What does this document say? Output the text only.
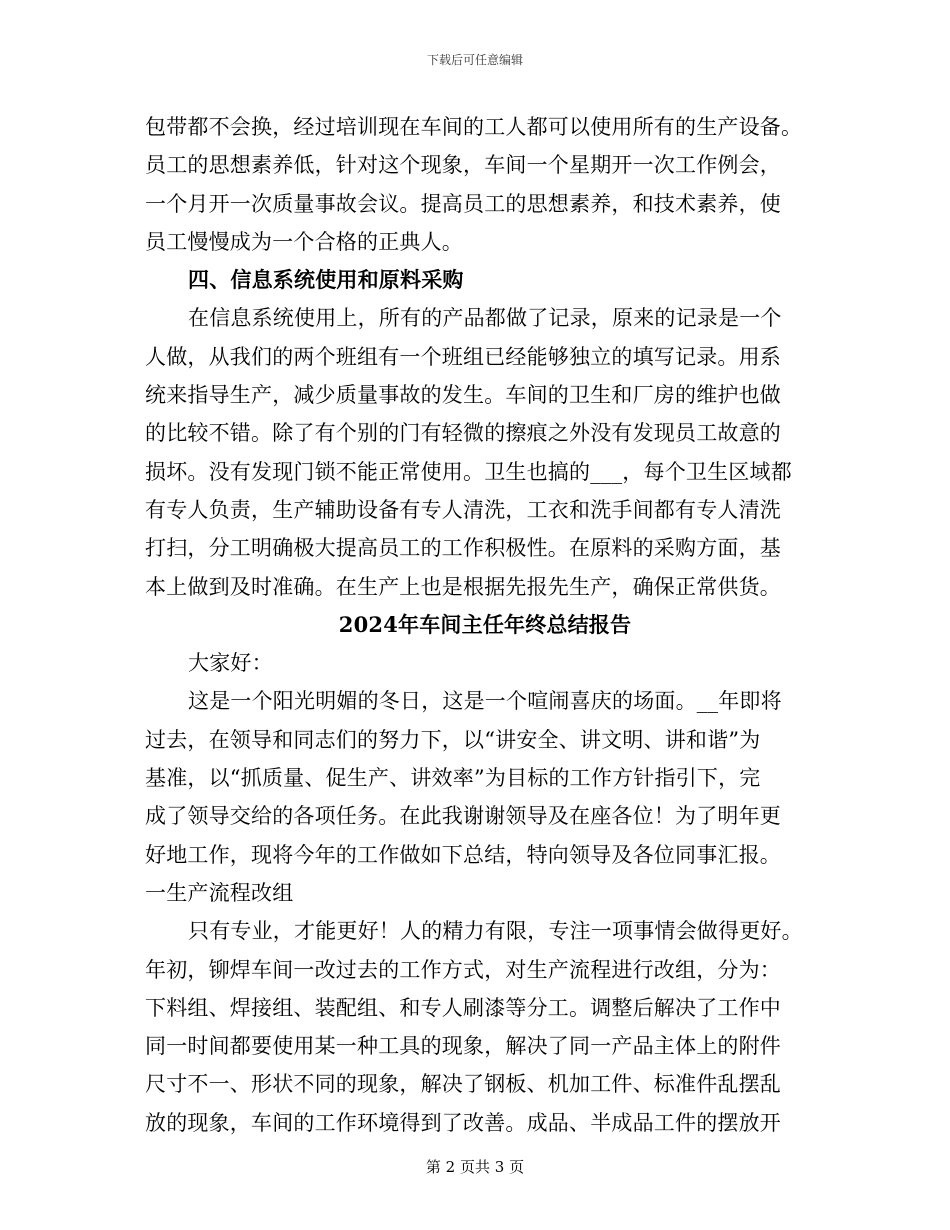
下载后可任意编辑
包带都不会换，经过培训现在车间的工人都可以使用所有的生产设备。
员工的思想素养低，针对这个现象，车间一个星期开一次工作例会，
一个月开一次质量事故会议。提高员工的思想素养，和技术素养，使
员工慢慢成为一个合格的正典人。
四、信息系统使用和原料采购
在信息系统使用上，所有的产品都做了记录，原来的记录是一个
人做，从我们的两个班组有一个班组已经能够独立的填写记录。用系
统来指导生产，减少质量事故的发生。车间的卫生和厂房的维护也做
的比较不错。除了有个别的门有轻微的擦痕之外没有发现员工故意的
损坏。没有发现门锁不能正常使用。卫生也搞的___，每个卫生区域都
有专人负责，生产辅助设备有专人清洗，工衣和洗手间都有专人清洗
打扫，分工明确极大提高员工的工作积极性。在原料的采购方面，基
本上做到及时准确。在生产上也是根据先报先生产，确保正常供货。
2024年车间主任年终总结报告
大家好：
这是一个阳光明媚的冬日，这是一个喧闹喜庆的场面。__年即将
过去，在领导和同志们的努力下，以“讲安全、讲文明、讲和谐”为
基准，以“抓质量、促生产、讲效率”为目标的工作方针指引下，完
成了领导交给的各项任务。在此我谢谢领导及在座各位！为了明年更
好地工作，现将今年的工作做如下总结，特向领导及各位同事汇报。
一生产流程改组
只有专业，才能更好！人的精力有限，专注一项事情会做得更好。
年初，铆焊车间一改过去的工作方式，对生产流程进行改组，分为：
下料组、焊接组、装配组、和专人刷漆等分工。调整后解决了工作中
同一时间都要使用某一种工具的现象，解决了同一产品主体上的附件
尺寸不一、形状不同的现象，解决了钢板、机加工件、标准件乱摆乱
放的现象，车间的工作环境得到了改善。成品、半成品工件的摆放开
第 2 页共 3 页
